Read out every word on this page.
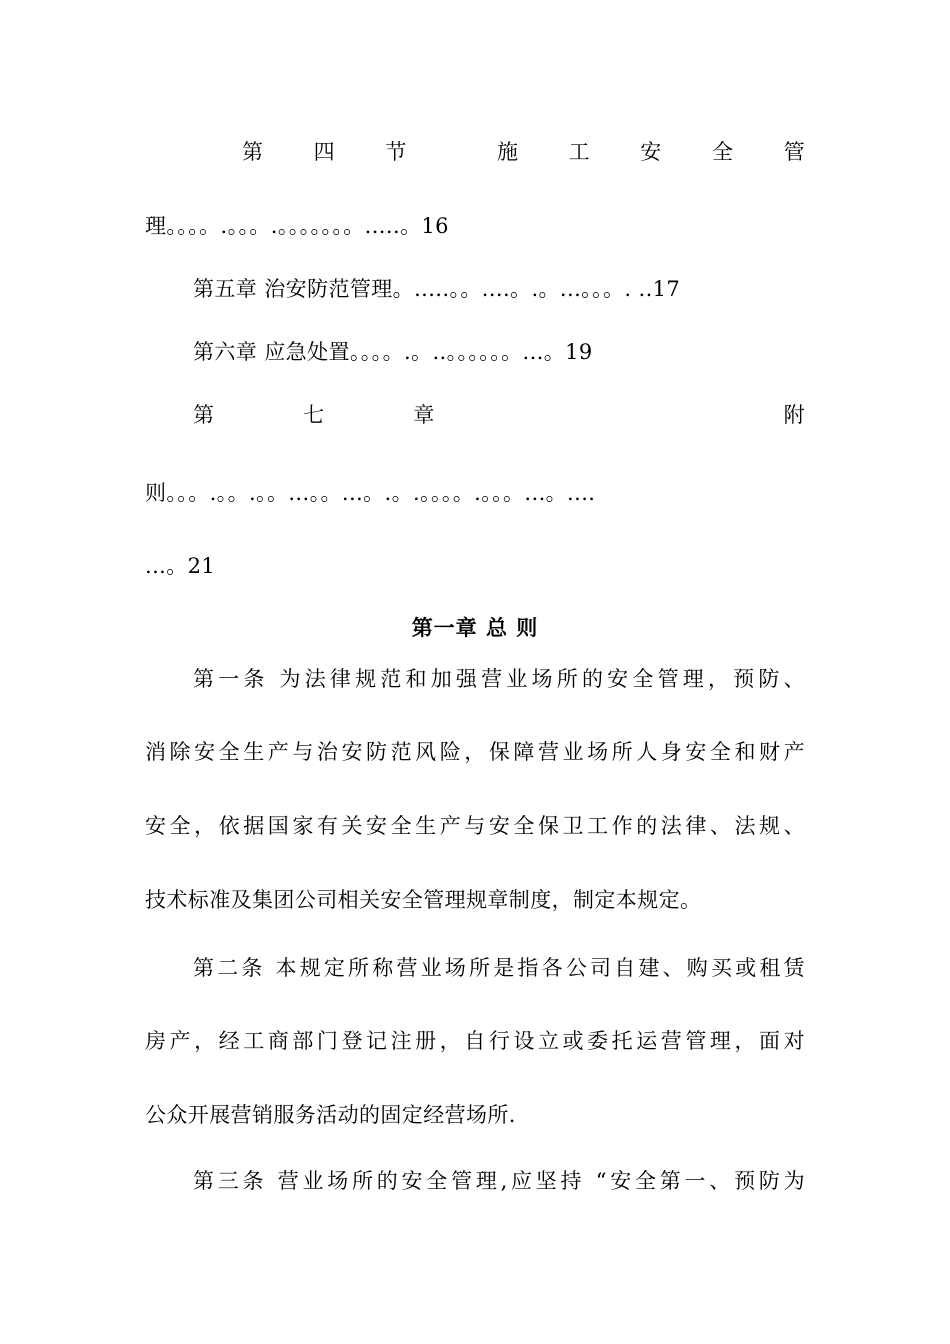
第 四 节	施 工 安 全 管
理。。。。.。。。.。。。。。。。.....。16
第五章 治安防范管理。.....。。....。.。...。。。. ..17
第六章 应急处置。。。。.。..。。。。。。...。19
第	七	章	附
则。。。.。。.。。...。。...。.。.。。。。.。。。...。....
...。21
第一章 总 则
第一条 为法律规范和加强营业场所的安全管理，预防、
消除安全生产与治安防范风险，保障营业场所人身安全和财产
安全，依据国家有关安全生产与安全保卫工作的法律、法规、
技术标准及集团公司相关安全管理规章制度，制定本规定。
第二条 本规定所称营业场所是指各公司自建、购买或租赁
房产，经工商部门登记注册，自行设立或委托运营管理，面对
公众开展营销服务活动的固定经营场所.
第三条 营业场所的安全管理,应坚持 “安全第一、预防为
